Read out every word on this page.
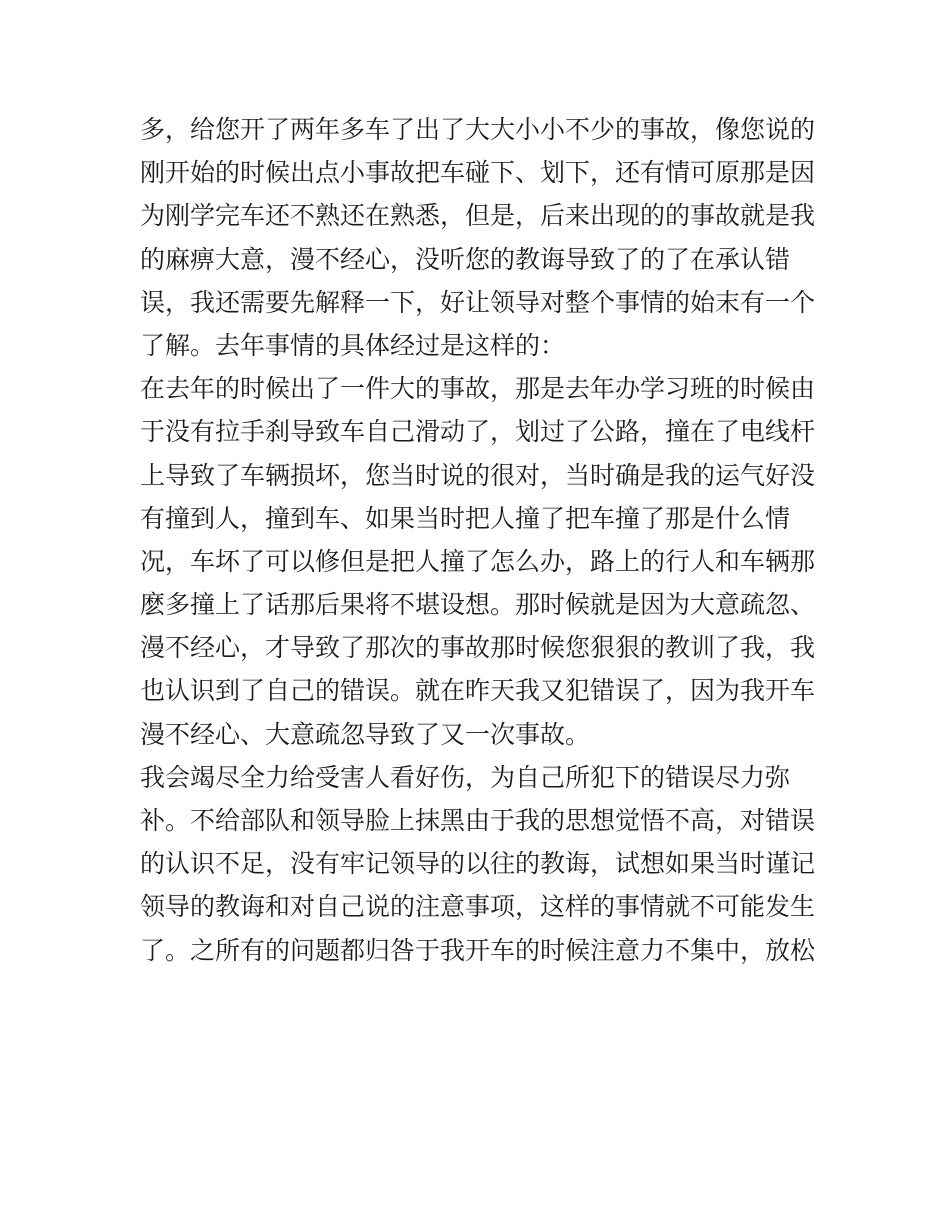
多，给您开了两年多车了出了大大小小不少的事故，像您说的
刚开始的时候出点小事故把车碰下、划下，还有情可原那是因
为刚学完车还不熟还在熟悉，但是，后来出现的的事故就是我
的麻痹大意，漫不经心，没听您的教诲导致了的了在承认错
误，我还需要先解释一下，好让领导对整个事情的始末有一个
了解。去年事情的具体经过是这样的：
在去年的时候出了一件大的事故，那是去年办学习班的时候由
于没有拉手刹导致车自己滑动了，划过了公路，撞在了电线杆
上导致了车辆损坏，您当时说的很对，当时确是我的运气好没
有撞到人，撞到车、如果当时把人撞了把车撞了那是什么情
况，车坏了可以修但是把人撞了怎么办，路上的行人和车辆那
麽多撞上了话那后果将不堪设想。那时候就是因为大意疏忽、
漫不经心，才导致了那次的事故那时候您狠狠的教训了我，我
也认识到了自己的错误。就在昨天我又犯错误了，因为我开车
漫不经心、大意疏忽导致了又一次事故。
我会竭尽全力给受害人看好伤，为自己所犯下的错误尽力弥
补。不给部队和领导脸上抹黑由于我的思想觉悟不高，对错误
的认识不足，没有牢记领导的以往的教诲，试想如果当时谨记
领导的教诲和对自己说的注意事项，这样的事情就不可能发生
了。之所有的问题都归咎于我开车的时候注意力不集中，放松
